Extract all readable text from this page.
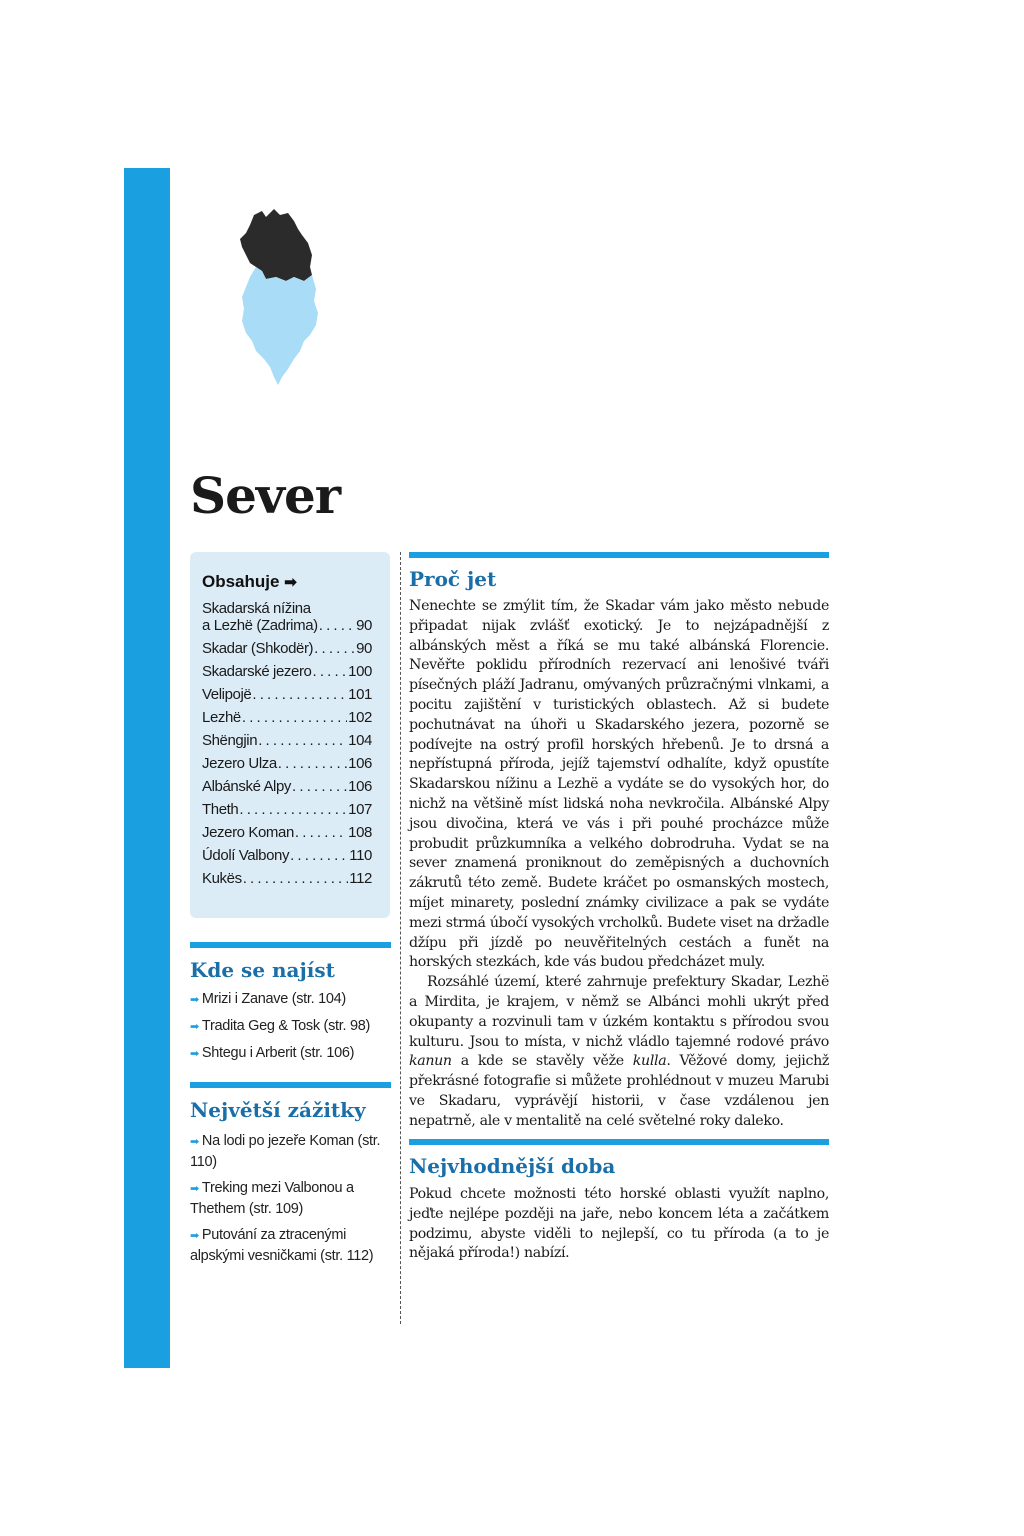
Sever
Obsahuje ➡
Skadarská nížina
a Lezhë (Zadrima) . . .	90
Skadar (Shkodër) . . .	90
Skadarské jezero . . . 100
Velipojë . . .	101
Lezhë . . .	102
Shëngjin . . .	104
Jezero Ulza . . .	106
Albánské Alpy . . .	106
Theth . . .	107
Jezero Koman . . .	108
Údolí Valbony . . .	110
Kukës . . .	112
Kde se najíst
➡ Mrizi i Zanave (str. 104)
➡ Tradita Geg & Tosk (str. 98)
➡ Shtegu i Arberit (str. 106)
Největší zážitky
➡ Na lodi po jezeře Koman (str. 110)
➡ Treking mezi Valbonou a Thethem (str. 109)
➡ Putování za ztracenými alpskými vesničkami (str. 112)
Proč jet

Nenechte se zmýlit tím, že Skadar vám jako město nebude připadat nijak zvlášť exotický. Je to nejzápadnější z albánských měst a říká se mu také albánská Florencie. Nevěřte poklidu přírodních rezervací ani lenošivé tváři písečných pláží Jadranu, omývaných průzračnými vlnkami, a pocitu zajištění v turistických oblastech. Až si budete pochutnávat na úhoři u Skadarského jezera, pozorně se podívejte na ostrý profil horských hřebenů. Je to drsná a nepřístupná příroda, jejíž tajemství odhalíte, když opustíte Skadarskou nížinu a Lezhë a vydáte se do vysokých hor, do nichž na většině míst lidská noha nevkročila. Albánské Alpy jsou divočina, která ve vás i při pouhé procházce může probudit průzkumníka a velkého dobrodruha. Vydat se na sever znamená proniknout do zeměpisných a duchovních zákrutů této země. Budete kráčet po osmanských mostech, míjet minarety, poslední známky civilizace a pak se vydáte mezi strmá úbočí vysokých vrcholků. Budete viset na držadle džípu při jízdě po neuvěřitelných cestách a funět na horských stezkách, kde vás budou předcházet muly.

Rozsáhlé území, které zahrnuje prefektury Skadar, Lezhë a Mirdita, je krajem, v němž se Albánci mohli ukrýt před okupanty a rozvinuli tam v úzkém kontaktu s přírodou svou kulturu. Jsou to místa, v nichž vládlo tajemné rodové právo kanun a kde se stavěly věže kulla. Věžové domy, jejichž překrásné fotografie si můžete prohlédnout v muzeu Marubi ve Skadaru, vyprávějí historii, v čase vzdálenou jen nepatrně, ale v mentalitě na celé světelné roky daleko.

Nejvhodnější doba

Pokud chcete možnosti této horské oblasti využít naplno, jeďte nejlépe později na jaře, nebo koncem léta a začátkem podzimu, abyste viděli to nejlepší, co tu příroda (a to je nějaká příroda!) nabízí.
